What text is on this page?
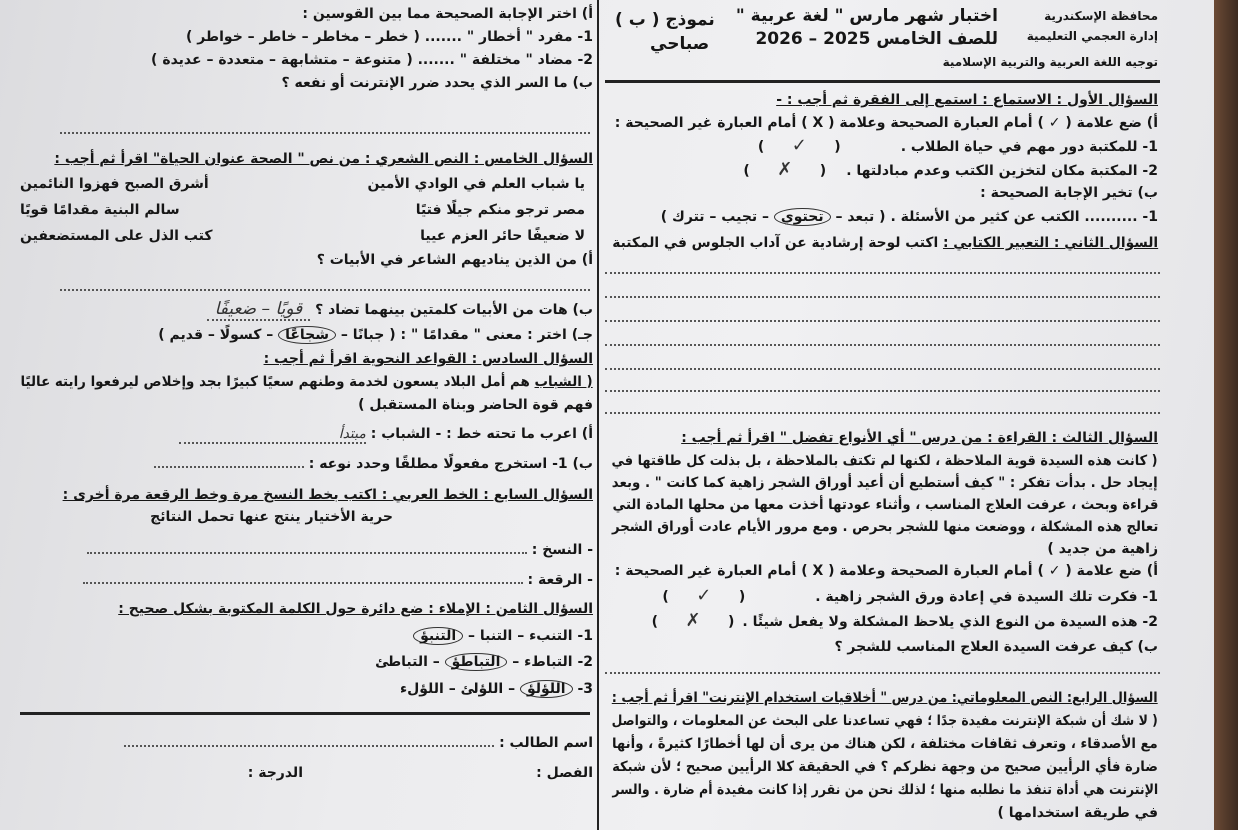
محافظة الإسكندرية
إدارة العجمي التعليمية
توجيه اللغة العربية والتربية الإسلامية
اختبار شهر مارس " لغة عربية "
للصف الخامس 2025 – 2026
نموذج ( ب )
صباحي
السؤال الأول : الاستماع : استمع إلى الفقرة ثم أجب : -
أ) ضع علامة ( ✓ ) أمام العبارة الصحيحة وعلامة ( X ) أمام العبارة غير الصحيحة :
1- للمكتبة دور مهم في حياة الطلاب .(✓)
2- المكتبة مكان لتخزين الكتب وعدم مبادلتها .(✗)
ب) تخير الإجابة الصحيحة :
1- .......... الكتب عن كثير من الأسئلة . ( تبعد – تحتوي – تجيب – تترك )
السؤال الثاني : التعبير الكتابي : اكتب لوحة إرشادية عن آداب الجلوس في المكتبة
السؤال الثالث : القراءة : من درس " أي الأنواع تفضل " اقرأ ثم أجب :
( كانت هذه السيدة قوية الملاحظة ، لكنها لم تكتف بالملاحظة ، بل بذلت كل طاقتها في
إيجاد حل . بدأت تفكر : " كيف أستطيع أن أعيد أوراق الشجر زاهية كما كانت " . وبعد
قراءة وبحث ، عرفت العلاج المناسب ، وأثناء عودتها أخذت معها من محلها المادة التي
تعالج هذه المشكلة ، ووضعت منها للشجر بحرص . ومع مرور الأيام عادت أوراق الشجر
زاهية من جديد )
أ) ضع علامة ( ✓ ) أمام العبارة الصحيحة وعلامة ( X ) أمام العبارة غير الصحيحة :
1- فكرت تلك السيدة في إعادة ورق الشجر زاهية .(✓)
2- هذه السيدة من النوع الذي يلاحظ المشكلة ولا يفعل شيئًا .(✗)
ب) كيف عرفت السيدة العلاج المناسب للشجر ؟
السؤال الرابع: النص المعلوماتي: من درس " أخلاقيات استخدام الإنترنت" اقرأ ثم أجب :
( لا شك أن شبكة الإنترنت مفيدة جدًا ؛ فهي تساعدنا على البحث عن المعلومات ، والتواصل
مع الأصدقاء ، وتعرف ثقافات مختلفة ، لكن هناك من يرى أن لها أخطارًا كثيرةً ، وأنها
ضارة فأي الرأيين صحيح من وجهة نظركم ؟ في الحقيقة كلا الرأيين صحيح ؛ لأن شبكة
الإنترنت هي أداة تنفذ ما نطلبه منها ؛ لذلك نحن من نقرر إذا كانت مفيدة أم ضارة . والسر
في طريقة استخدامها )
أ) اختر الإجابة الصحيحة مما بين القوسين :
1- مفرد " أخطار " ....... ( خطر – مخاطر – خاطر – خواطر )
2- مضاد " مختلفة " ....... ( متنوعة – متشابهة – متعددة – عديدة )
ب) ما السر الذي يحدد ضرر الإنترنت أو نفعه ؟
السؤال الخامس : النص الشعري : من نص " الصحة عنوان الحياة" اقرأ ثم أجب :
يا شباب العلم في الوادي الأمين
أشرق الصبح فهزوا النائمين
مصر ترجو منكم جيلًا فتيًا
سالم البنية مقدامًا قويًا
لا ضعيفًا حائر العزم عييا
كتب الذل على المستضعفين
أ) من الذين يناديهم الشاعر في الأبيات ؟
ب) هات من الأبيات كلمتين بينهما تضاد ؟ قويًا – ضعيفًا
جـ) اختر : معنى " مقدامًا " : ( جبانًا – شجاعًا – كسولًا – قديم )
السؤال السادس : القواعد النحوية اقرأ ثم أجب :
( الشباب هم أمل البلاد يسعون لخدمة وطنهم سعيًا كبيرًا بجد وإخلاص ليرفعوا رايته عاليًا
فهم قوة الحاضر وبناة المستقبل )
أ) اعرب ما تحته خط : - الشباب : مبتدأ
ب) 1- استخرج مفعولًا مطلقًا وحدد نوعه :
السؤال السابع : الخط العربي : اكتب بخط النسخ مرة وخط الرقعة مرة أخرى :
حرية الأختيار ينتج عنها تحمل النتائج
- النسخ :
- الرقعة :
السؤال الثامن : الإملاء : ضع دائرة حول الكلمة المكتوبة بشكل صحيح :
1- التنبء – التنبا – التنبؤ
2- التباطء – التباطؤ – التباطئ
3- اللؤلؤ – اللؤلئ – اللؤلء
اسم الطالب :
الفصل :
الدرجة :
